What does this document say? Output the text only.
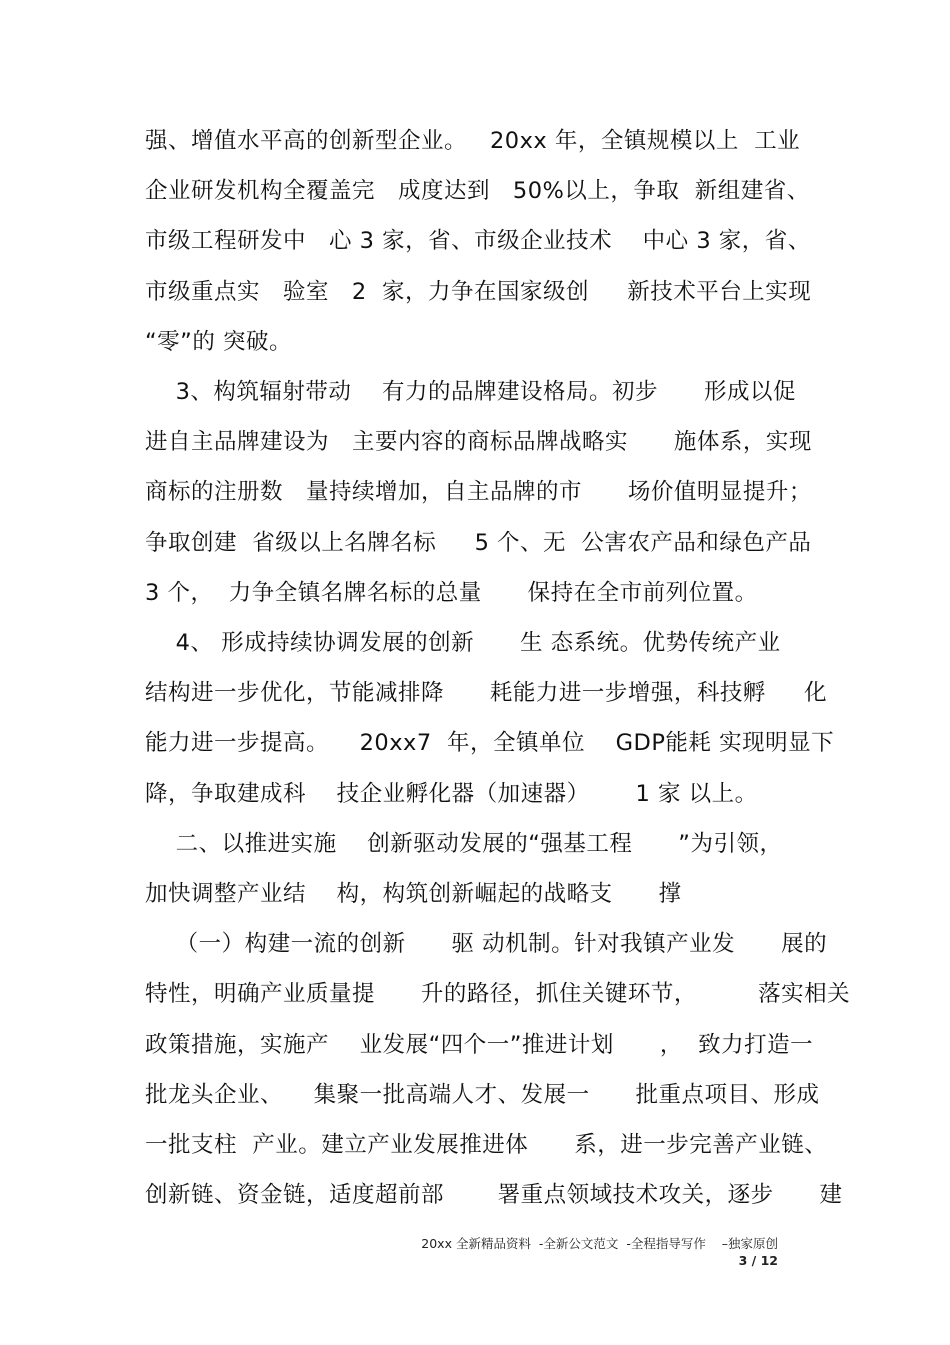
强、增值水平高的创新型企业。   20xx 年，全镇规模以上  工业
企业研发机构全覆盖完   成度达到   50%以上，争取  新组建省、
市级工程研发中   心 3 家，省、市级企业技术    中心 3 家，省、
市级重点实   验室   2  家，力争在国家级创     新技术平台上实现
“零”的 突破。
3、构筑辐射带动    有力的品牌建设格局。初步      形成以促
进自主品牌建设为   主要内容的商标品牌战略实      施体系，实现
商标的注册数   量持续增加，自主品牌的市      场价值明显提升；
争取创建  省级以上名牌名标     5 个、无  公害农产品和绿色产品
3 个，  力争全镇名牌名标的总量      保持在全市前列位置。
4、 形成持续协调发展的创新      生 态系统。优势传统产业
结构进一步优化，节能减排降      耗能力进一步增强，科技孵     化
能力进一步提高。    20xx7  年，全镇单位    GDP能耗 实现明显下
降，争取建成科    技企业孵化器（加速器）      1 家 以上。
二、以推进实施    创新驱动发展的“强基工程      ”为引领，
加快调整产业结    构，构筑创新崛起的战略支      撑
（一）构建一流的创新      驱 动机制。针对我镇产业发      展的
特性，明确产业质量提      升的路径，抓住关键环节，        落实相关
政策措施，实施产    业发展“四个一”推进计划      ，  致力打造一
批龙头企业、    集聚一批高端人才、发展一      批重点项目、形成
一批支柱  产业。建立产业发展推进体      系，进一步完善产业链、
创新链、资金链，适度超前部       署重点领域技术攻关，逐步      建
20xx 全新精品资料  -全新公文范文  -全程指导写作    –独家原创
3 / 12
